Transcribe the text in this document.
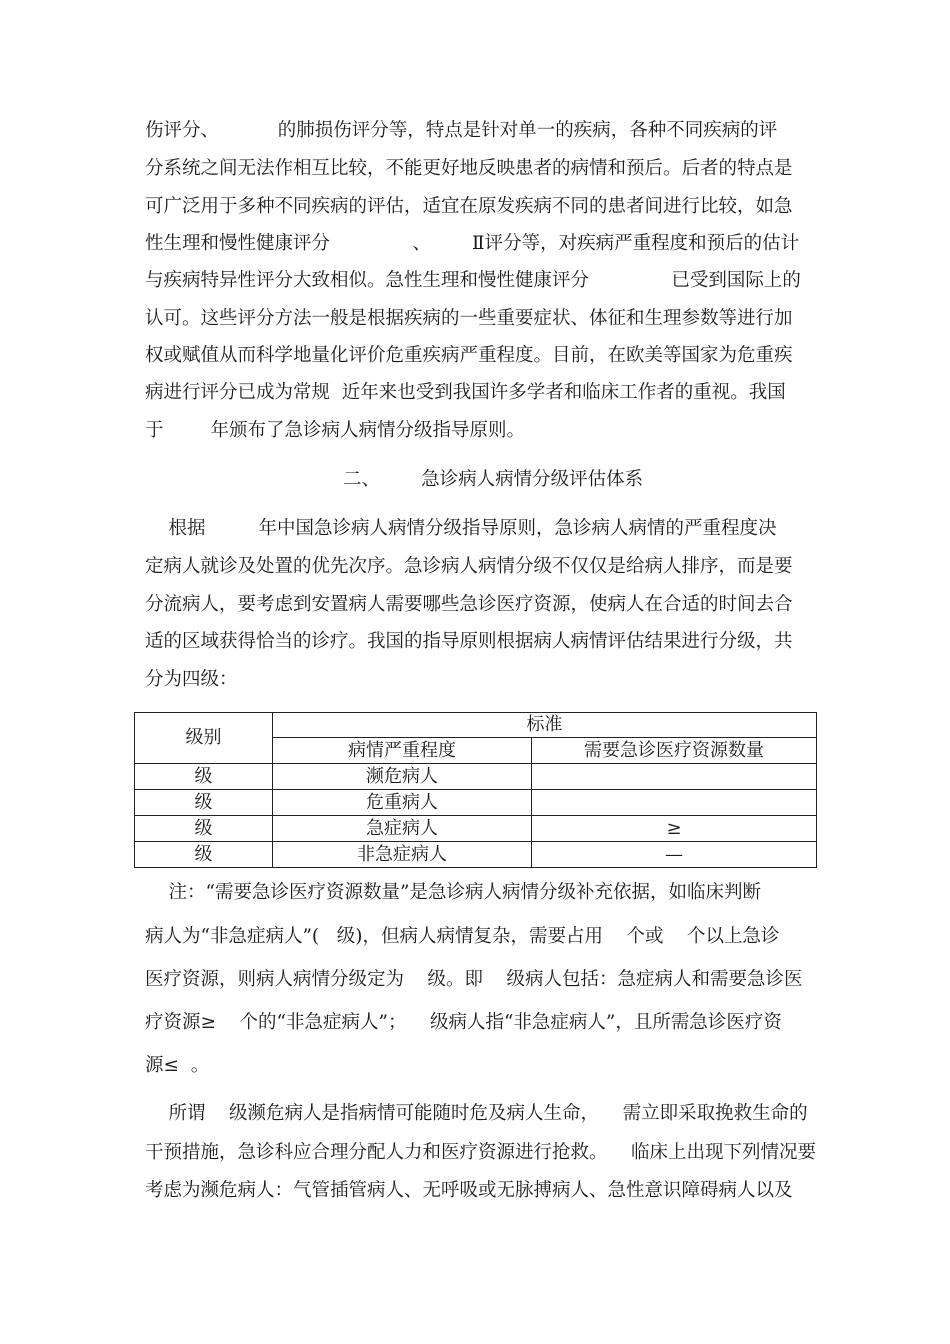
伤评分、          的肺损伤评分等，特点是针对单一的疾病，各种不同疾病的评
分系统之间无法作相互比较，不能更好地反映患者的病情和预后。后者的特点是
可广泛用于多种不同疾病的评估，适宜在原发疾病不同的患者间进行比较，如急
性生理和慢性健康评分              、       Ⅱ评分等，对疾病严重程度和预后的估计
与疾病特异性评分大致相似。急性生理和慢性健康评分              已受到国际上的
认可。这些评分方法一般是根据疾病的一些重要症状、体征和生理参数等进行加
权或赋值从而科学地量化评价危重疾病严重程度。目前，在欧美等国家为危重疾
病进行评分已成为常规  近年来也受到我国许多学者和临床工作者的重视。我国
于        年颁布了急诊病人病情分级指导原则。
二、       急诊病人病情分级评估体系
根据         年中国急诊病人病情分级指导原则，急诊病人病情的严重程度决
定病人就诊及处置的优先次序。急诊病人病情分级不仅仅是给病人排序，而是要
分流病人，要考虑到安置病人需要哪些急诊医疗资源，使病人在合适的时间去合
适的区域获得恰当的诊疗。我国的指导原则根据病人病情评估结果进行分级，共
分为四级：
级别	标准	
	病情严重程度	需要急诊医疗资源数量
级	濒危病人	
级	危重病人	
级	急症病人	≥
级	非急症病人	—
注：“需要急诊医疗资源数量”是急诊病人病情分级补充依据，如临床判断
病人为“非急症病人”(   级)，但病人病情复杂，需要占用    个或    个以上急诊
医疗资源，则病人病情分级定为    级。即    级病人包括：急症病人和需要急诊医
疗资源≥    个的“非急症病人”；    级病人指“非急症病人”，且所需急诊医疗资
源≤  。
所谓    级濒危病人是指病情可能随时危及病人生命，    需立即采取挽救生命的
干预措施，急诊科应合理分配人力和医疗资源进行抢救。    临床上出现下列情况要
考虑为濒危病人：气管插管病人、无呼吸或无脉搏病人、急性意识障碍病人以及
